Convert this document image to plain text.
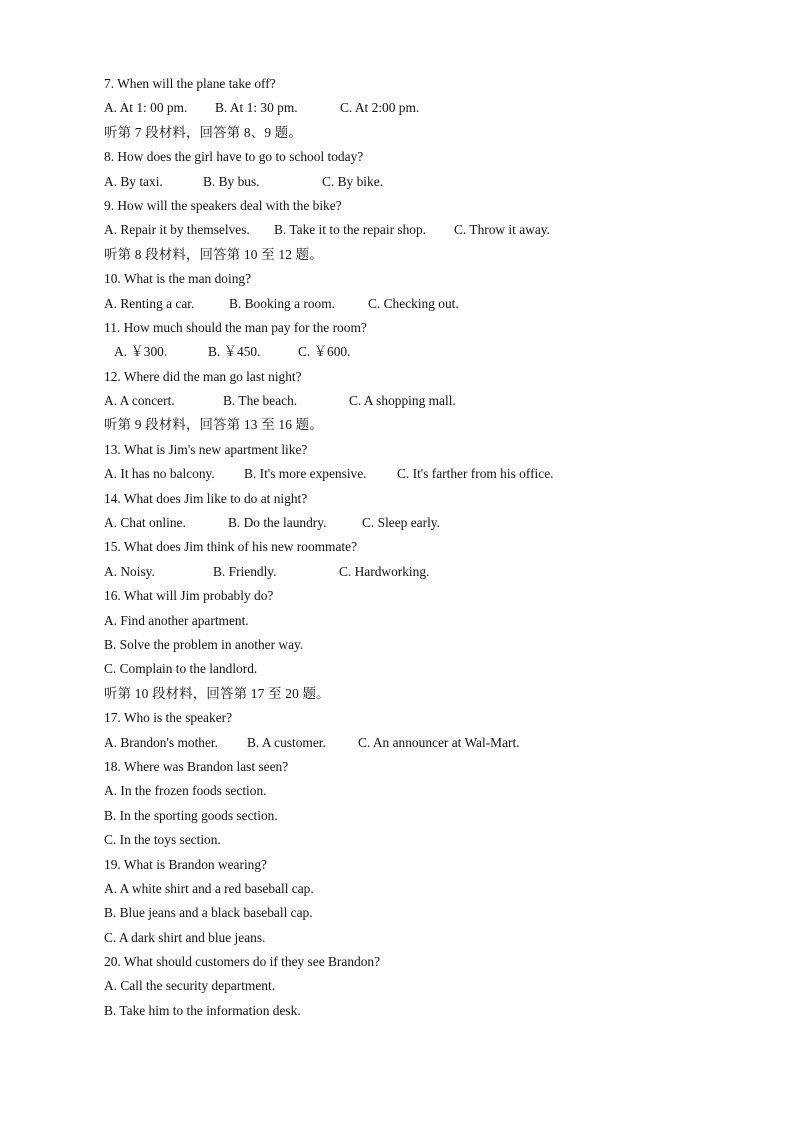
7. When will the plane take off?
A. At 1: 00 pm. B. At 1: 30 pm.	C. At 2:00 pm.
听第 7 段材料，回答第 8、9 题。
8. How does the girl have to go to school today?
A. By taxi.	B. By bus.	C. By bike.
9. How will the speakers deal with the bike?
A. Repair it by themselves. B. Take it to the repair shop. C. Throw it away.
听第 8 段材料，回答第 10 至 12 题。
10. What is the man doing?
A. Renting a car.	B. Booking a room. C. Checking out.
11. How much should the man pay for the room?
A. ￥300.	B. ￥450.	C. ￥600.
12. Where did the man go last night?
A. A concert.	B. The beach.	C. A shopping mall.
听第 9 段材料，回答第 13 至 16 题。
13. What is Jim's new apartment like?
A. It has no balcony. B. It's more expensive. C. It's farther from his office.
14. What does Jim like to do at night?
A. Chat online.	B. Do the laundry.	C. Sleep early.
15. What does Jim think of his new roommate?
A. Noisy.	B. Friendly.	C. Hardworking.
16. What will Jim probably do?
A. Find another apartment.
B. Solve the problem in another way.
C. Complain to the landlord.
听第 10 段材料，回答第 17 至 20 题。
17. Who is the speaker?
A. Brandon's mother. B. A customer. C. An announcer at Wal-Mart.
18. Where was Brandon last seen?
A. In the frozen foods section.
B. In the sporting goods section.
C. In the toys section.
19. What is Brandon wearing?
A. A white shirt and a red baseball cap.
B. Blue jeans and a black baseball cap.
C. A dark shirt and blue jeans.
20. What should customers do if they see Brandon?
A. Call the security department.
B. Take him to the information desk.
